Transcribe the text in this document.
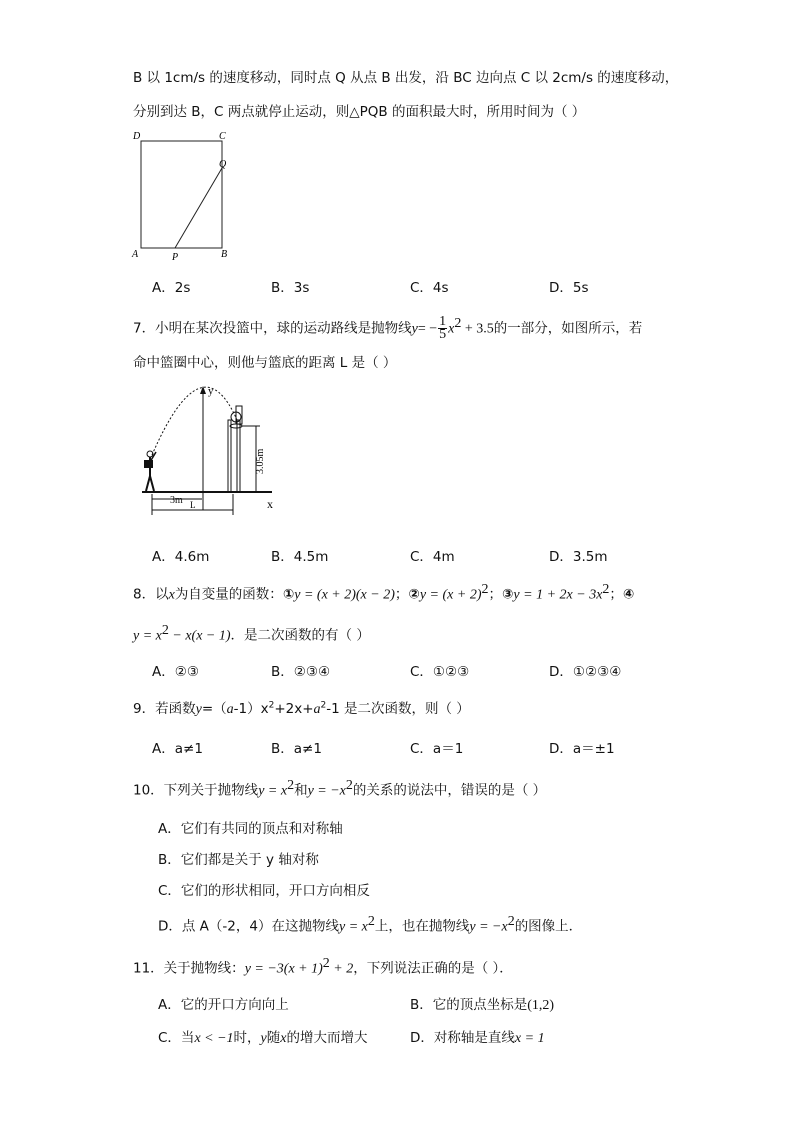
B 以 1cm/s 的速度移动，同时点 Q 从点 B 出发，沿 BC 边向点 C 以 2cm/s 的速度移动，
分别到达 B，C 两点就停止运动，则△PQB 的面积最大时，所用时间为（ ）
D	C
Q
A	P	B
A．2s	B．3s	C．4s	D．5s
7．小明在某次投篮中，球的运动路线是抛物线$y= - \frac{1}{5} x^2 + 3.5$的一部分，如图所示，若
命中篮圈中心，则他与篮底的距离 L 是（ ）
y
x
3.05m
3m L
A．4.6m	B．4.5m	C．4m	D．3.5m
8．以x为自变量的函数：①y = (x + 2)(x − 2)；②y = $(x + 2)^2$；③y = $1 + 2x - 3x^2$；④
$y = x^2 - x(x - 1)$．是二次函数的有（ ）
A．②③	B．②③④	C．①②③	D．①②③④
9．若函数$y=(a-1)x^2+2x+a^2-1$ 是二次函数，则（ ）
A．a≠1	B．a≠1	C．a＝1	D．a＝±1
10．下列关于抛物线$y = x^2$和$y = -x^2$的关系的说法中，错误的是（ ）
A．它们有共同的顶点和对称轴
B．它们都是关于 y 轴对称
C．它们的形状相同，开口方向相反
D．点 A（-2，4）在这抛物线$y = x^2$上，也在抛物线$y = -x^2$的图像上．
11．关于抛物线：$y = -3(x + 1)^2 + 2$，下列说法正确的是（ ）．
A．它的开口方向向上	B．它的顶点坐标是(1,2)
C．当x < −1时，y随x的增大而增大	D．对称轴是直线x = 1
